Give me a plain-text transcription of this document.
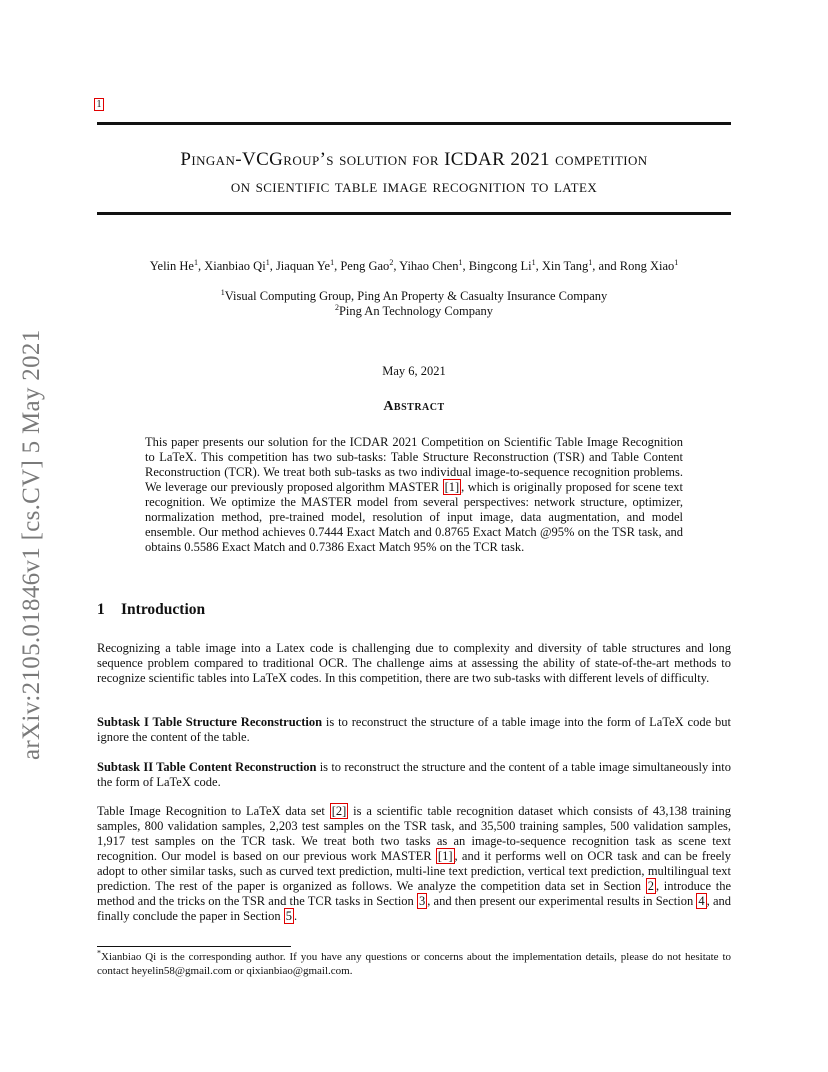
arXiv:2105.01846v1 [cs.CV] 5 May 2021
1
Pingan-VCGroup’s solution for ICDAR 2021 competition
on scientific table image recognition to latex
Yelin He$^1$, Xianbiao Qi$^1$, Jiaquan Ye$^1$, Peng Gao$^2$, Yihao Chen$^1$, Bingcong Li$^1$, Xin Tang$^1$, and Rong Xiao$^1$
$^1$Visual Computing Group, Ping An Property & Casualty Insurance Company
$^2$Ping An Technology Company
May 6, 2021
Abstract
This paper presents our solution for the ICDAR 2021 Competition on Scientific Table Image Recognition to LaTeX. This competition has two sub-tasks: Table Structure Reconstruction (TSR) and Table Content Reconstruction (TCR). We treat both sub-tasks as two individual image-to-sequence recognition problems. We leverage our previously proposed algorithm MASTER [1] , which is originally proposed for scene text recognition. We optimize the MASTER model from several perspectives: network structure, optimizer, normalization method, pre-trained model, resolution of input image, data augmentation, and model ensemble. Our method achieves 0.7444 Exact Match and 0.8765 Exact Match @95% on the TSR task, and obtains 0.5586 Exact Match and 0.7386 Exact Match 95% on the TCR task.
1 Introduction
Recognizing a table image into a Latex code is challenging due to complexity and diversity of table structures and long sequence problem compared to traditional OCR. The challenge aims at assessing the ability of state-of-the-art methods to recognize scientific tables into LaTeX codes. In this competition, there are two sub-tasks with different levels of difficulty.
Subtask I Table Structure Reconstruction is to reconstruct the structure of a table image into the form of LaTeX code but ignore the content of the table.
Subtask II Table Content Reconstruction is to reconstruct the structure and the content of a table image simultaneously into the form of LaTeX code.
Table Image Recognition to LaTeX data set [2] is a scientific table recognition dataset which consists of 43,138 training samples, 800 validation samples, 2,203 test samples on the TSR task, and 35,500 training samples, 500 validation samples, 1,917 test samples on the TCR task. We treat both two tasks as an image-to-sequence recognition task as scene text recognition. Our model is based on our previous work MASTER [1] , and it performs well on OCR task and can be freely adopt to other similar tasks, such as curved text prediction, multi-line text prediction, vertical text prediction, multilingual text prediction. The rest of the paper is organized as follows. We analyze the competition data set in Section 2 , introduce the method and the tricks on the TSR and the TCR tasks in Section 3 , and then present our experimental results in Section 4 , and finally conclude the paper in Section 5 .
*Xianbiao Qi is the corresponding author. If you have any questions or concerns about the implementation details, please do not hesitate to contact heyelin58@gmail.com or qixianbiao@gmail.com.
